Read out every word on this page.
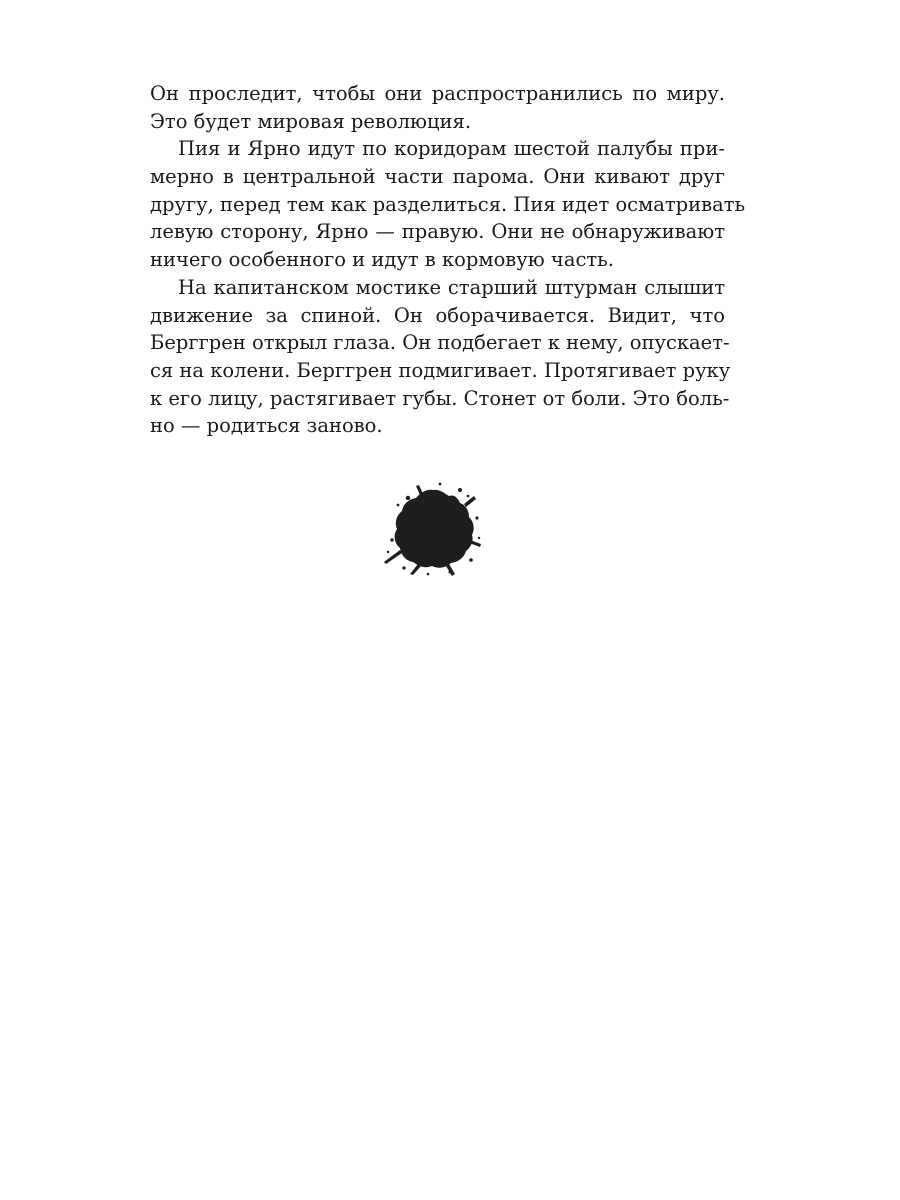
Он проследит, чтобы они распространились по миру.
Это будет мировая революция.
Пия и Ярно идут по коридорам шестой палубы при-
мерно в центральной части парома. Они кивают друг
другу, перед тем как разделиться. Пия идет осматривать
левую сторону, Ярно — правую. Они не обнаруживают
ничего особенного и идут в кормовую часть.
На капитанском мостике старший штурман слышит
движение за спиной. Он оборачивается. Видит, что
Берггрен открыл глаза. Он подбегает к нему, опускает-
ся на колени. Берггрен подмигивает. Протягивает руку
к его лицу, растягивает губы. Стонет от боли. Это боль-
но — родиться заново.
